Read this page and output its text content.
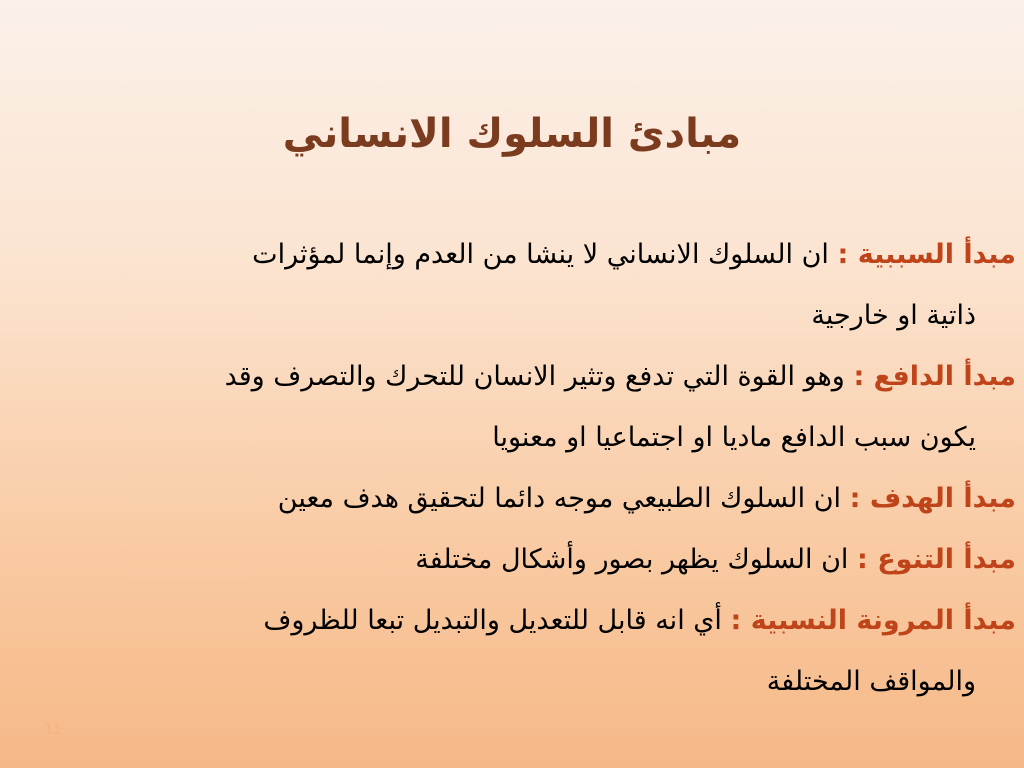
مبادئ السلوك الانساني
مبدأ السببية : ان السلوك الانساني لا ينشا من العدم وإنما لمؤثرات
ذاتية او خارجية
مبدأ الدافع : وهو القوة التي تدفع وتثير الانسان للتحرك والتصرف وقد
يكون سبب الدافع ماديا او اجتماعيا او معنويا
مبدأ الهدف : ان السلوك الطبيعي موجه دائما لتحقيق هدف معين
مبدأ التنوع : ان السلوك يظهر بصور وأشكال مختلفة
مبدأ المرونة النسبية : أي انه قابل للتعديل والتبديل تبعا للظروف
والمواقف المختلفة
11
